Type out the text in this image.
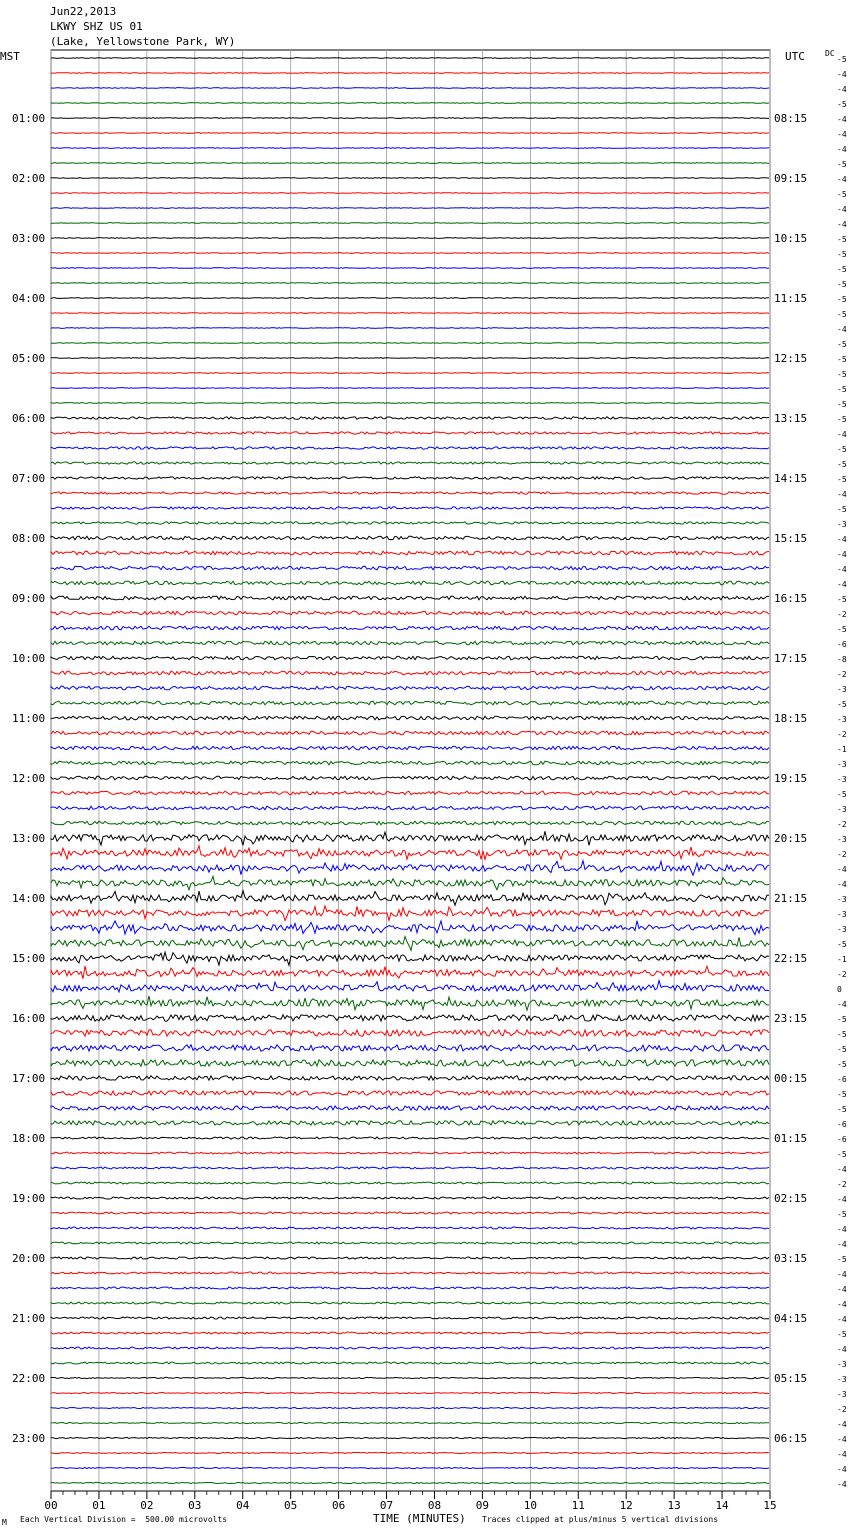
Jun22,2013
LKWY SHZ US 01
(Lake, Yellowstone Park, WY)
MST	UTC
00	01	02	03	04	05	06	07	08	09	10	11	12	13	14	15
-5
-4
-4
-5
-4
-4
-4
-5
-4
-5
-4
-4
-5
-5
-5
-5
-5
-5
-4
-5
-5
-5
-5
-5
-5
-4
-5
-5
-5
-4
-5
-3
-4
-4
-4
-4
-5
-2
-5
-6
-8
-2
-3
-5
-3
-2
-1
-3
-3
-5
-3
-2
-3
-2
-4
-4
-3
-3
-3
-5
-1
-2
0
-4
-5
-5
-5
-5
-6
-5
-5
-6
-6
-5
-4
-2
-4
-5
-4
-4
-5
-4
-4
-4
-4
-5
-4
-3
-3
-3
-2
-4
-4
-4
-4
-4
DC
01:00	08:15
02:00	09:15
03:00	10:15
04:00	11:15
05:00	12:15
06:00	13:15
07:00	14:15
08:00	15:15
09:00	16:15
10:00	17:15
11:00	18:15
12:00	19:15
13:00	20:15
14:00	21:15
15:00	22:15
16:00	23:15
17:00	00:15
18:00	01:15
19:00	02:15
20:00	03:15
21:00	04:15
22:00	05:15
23:00	06:15
M Each Vertical Division =  500.00 microvolts	TIME (MINUTES) Traces clipped at plus/minus 5 vertical divisions
